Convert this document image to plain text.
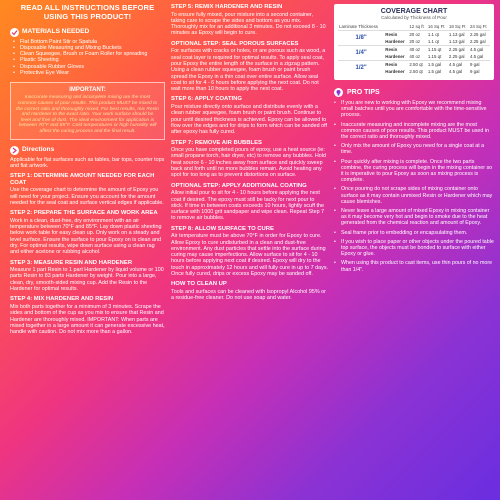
READ ALL INSTRUCTIONS BEFORE USING THIS PRODUCT!
MATERIALS NEEDED
• Flat Bottom Paint Stir or Spatula
• Disposable Measuring and Mixing Buckets
• Clean Squeegee, Brush or Foam Roller for spreading
• Plastic Sheeting
• Disposable Rubber Gloves
• Protective Eye Wear
IMPORTANT:
Inaccurate measuring and incomplete mixing are the most common causes of poor results. This product MUST be mixed to the correct ratio and thoroughly mixed. For best results, mix Resin and Hardener to the exact ratio. Your work surface should be level and free of dust. The ideal environment for application is between 70°F and 85°F. Cold temperatures or high humidity will affect the curing process and the final result.
Directions

Applicable for flat surfaces such as tables, bar tops, counter tops and flat artwork.

STEP 1: DETERMINE AMOUNT NEEDED FOR EACH COAT

Use the coverage chart to determine the amount of Epoxy you will need for your project. Ensure you account for the amount needed for the seal coat and surface vertical edges if applicable.

STEP 2: PREPARE THE SURFACE AND WORK AREA

Work in a clean, dust-free, dry environment with an air temperature between 70°F and 85°F. Lay down plastic sheeting below work table for easy clean up. Only work on a steady and level surface. Ensure the surface to pour Epoxy on is clean and dry. For optimal results, wipe down surface using a clean rag and either acetone or rubbing alcohol.

STEP 3: MEASURE RESIN AND HARDENER

Measure 1 part Resin to 1 part Hardener by liquid volume or 100 parts Resin to 83 parts Hardener by weight. Pour into a large, clean, dry, smooth-sided mixing cup. Add the Resin to the Hardener for optimal results.

STEP 4: MIX HARDENER AND RESIN

Mix both parts together for a minimum of 3 minutes. Scrape the sides and bottom of the cup as you mix to ensure that Resin and Hardener are thoroughly mixed. IMPORTANT: When parts are mixed together in a large amount it can generate excessive heat, handle with caution. Do not mix more than a gallon.

STEP 5: REMIX HARDENER AND RESIN

To ensure fully mixed, pour mixture into a second container, taking care to scrape the sides and bottom as you mix. Thoroughly mix for an additional 3 minutes. Do not exceed 8 - 10 minutes as Epoxy will begin to cure.

OPTIONAL STEP: SEAL POROUS SURFACES

For surfaces with cracks or holes, or are porous such as wood, a seal coat layer is required for optimal results. To apply seal coat, pour Epoxy the entire length of the surface in a zigzag pattern. Using a clean rubber squeegee, foam brush or paint brush spread the Epoxy in a thin coat over entire surface. Allow seal coat to sit for 4 - 6 hours before applying the next coat. Do not wait more than 10 hours to apply the next coat.

STEP 6: APPLY COATING

Pour mixture directly onto surface and distribute evenly with a clean rubber squeegee, foam brush or paint brush. Continue to pour until desired thickness is achieved. Epoxy can be allowed to flow over the edges and for drips to form which can be sanded off after epoxy has fully cured.

STEP 7: REMOVE AIR BUBBLES

Once you have completed pours of epoxy, use a heat source (ie: small propane torch, hair dryer, etc) to remove any bubbles. Hold heat source 6 - 10 inches away from surface and quickly sweep back and forth until no more bubbles remain. Avoid heating any spot for too long as to prevent distortions on surface.

OPTIONAL STEP: APPLY ADDITIONAL COATING

Allow initial pour to sit for 4 - 10 hours before applying the next coat if desired. The epoxy must still be tacky for next pour to stick. If time in between coats exceeds 10 hours, lightly scuff the surface with 1000 grit sandpaper and wipe clean. Repeat Step 7 to remove air bubbles.

STEP 8: ALLOW SURFACE TO CURE

Air temperature must be above 70°F in order for Epoxy to cure. Allow Epoxy to cure undisturbed in a clean and dust-free environment. Any dust particles that settle into the surface during curing may cause imperfections. Allow surface to sit for 4 - 10 hours before applying next coat if desired. Epoxy will dry to the touch in approximately 12 hours and will fully cure in up to 7 days. Once fully cured, drips or excess Epoxy may be sanded off.

HOW TO CLEAN UP

Tools and surfaces can be cleaned with Isopropyl Alcohol 95% or a residue-free cleaner. Do not use soap and water.

COVERAGE CHART
Calculated by Thickness of Pour
Laminate Thickness		12 sq ft	16 Sq Ft	18 Sq Ft	24 Sq Ft
1/8"	Resin	20 oz	1.1 qt	1.13 gal	2.25 gal
	Hardener	20 oz	1.1 qt	1.13 gal	2.25 gal
1/4"	Resin	40 oz	1.15 qt	2.25 gal	4.5 gal
	Hardener	40 oz	1.15 qt	2.25 gal	4.5 gal
1/2"	Resin	2.50 qt	1.5 gal	4.5 gal	9 gal
	Hardener	2.50 qt	1.5 gal	4.5 gal	9 gal
PRO TIPS
• If you are new to working with Epoxy we recommend mixing small batches until you are comfortable with the time-sensitive process.
• Inaccurate measuring and incomplete mixing are the most common causes of poor results. This product MUST be used in the correct ratio and thoroughly mixed.
• Only mix the amount of Epoxy you need for a single coat at a time.
• Pour quickly after mixing is complete. Once the two parts combine, the curing process will begin in the mixing container so it is imperative to pour Epoxy as soon as mixing process is complete.
• Once pouring do not scrape sides of mixing container onto surface as it may contain unmixed Resin or Hardener which may cause blemishes.
• Never leave a large amount of mixed Epoxy in mixing container as it may become very hot and begin to smoke due to the heat generated from the chemical reaction and amount of Epoxy.
• Seal frame prior to embedding or encapsulating them.
• If you wish to place paper or other objects under the poured table top surface, the objects must be bonded to surface with either Epoxy or glue.
• When using this product to cast items, use thin pours of no more than 1/4".
